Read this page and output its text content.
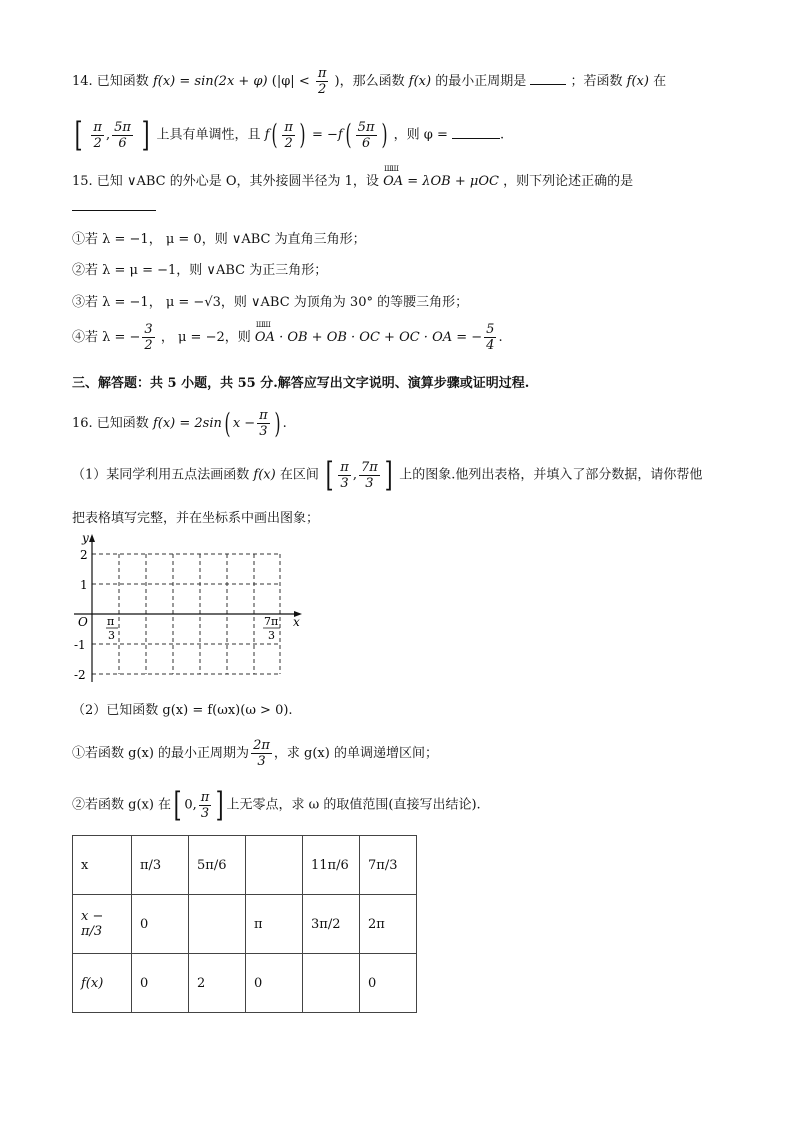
14. 已知函数 f(x) = sin(2x + φ) ($|\varphi| < \frac{\pi}{2}$ )，那么函数 f(x) 的最小正周期是	；若函数 f(x) 在
[ $\frac{\pi}{2}$ , $\frac{5\pi}{6}$ ] 上具有单调性，且 $f( \frac{\pi}{2}$ ) = $-f( \frac{5\pi}{6}$ ) ，则 φ =	.
15. 已知 ∨ABC 的外心是 O，其外接圆半径为 1，设 ШШ OA = λOB + μOC ，则下列论述正确的是
①若 λ = −1， μ = 0，则 ∨ABC 为直角三角形；
②若 λ = μ = −1，则 ∨ABC 为正三角形；
③若 λ = −1， μ = −√3，则 ∨ABC 为顶角为 30° 的等腰三角形；
④若 λ = − $\frac{3}{2}$ ， μ = −2，则 ШШ OA · OB + OB · OC + OC · OA = − $\frac{5}{4}$ .
三、解答题：共 5 小题，共 55 分.解答应写出文字说明、演算步骤或证明过程.
16. 已知函数 f(x) = 2sin( $x - \frac{\pi}{3}$ ) .
（1）某同学利用五点法画函数 f(x) 在区间 [ $\frac{\pi}{3}$ , $\frac{7\pi}{3}$ ] 上的图象.他列出表格，并填入了部分数据，请你帮他
把表格填写完整，并在坐标系中画出图象；
y
x
O
2
1
-1
-2
π
3
7π
3
（2）已知函数 g(x) = f(ωx)(ω > 0).
①若函数 g(x) 的最小正周期为 $\frac{2\pi}{3}$ ，求 g(x) 的单调递增区间；
②若函数 g(x) 在[ 0, $\frac{\pi}{3}$ ] 上无零点，求 ω 的取值范围(直接写出结论).
x	π/3	5π/6		11π/6	7π/3
x − π/3	0		π	3π/2	2π
f(x)	0	2	0		0
